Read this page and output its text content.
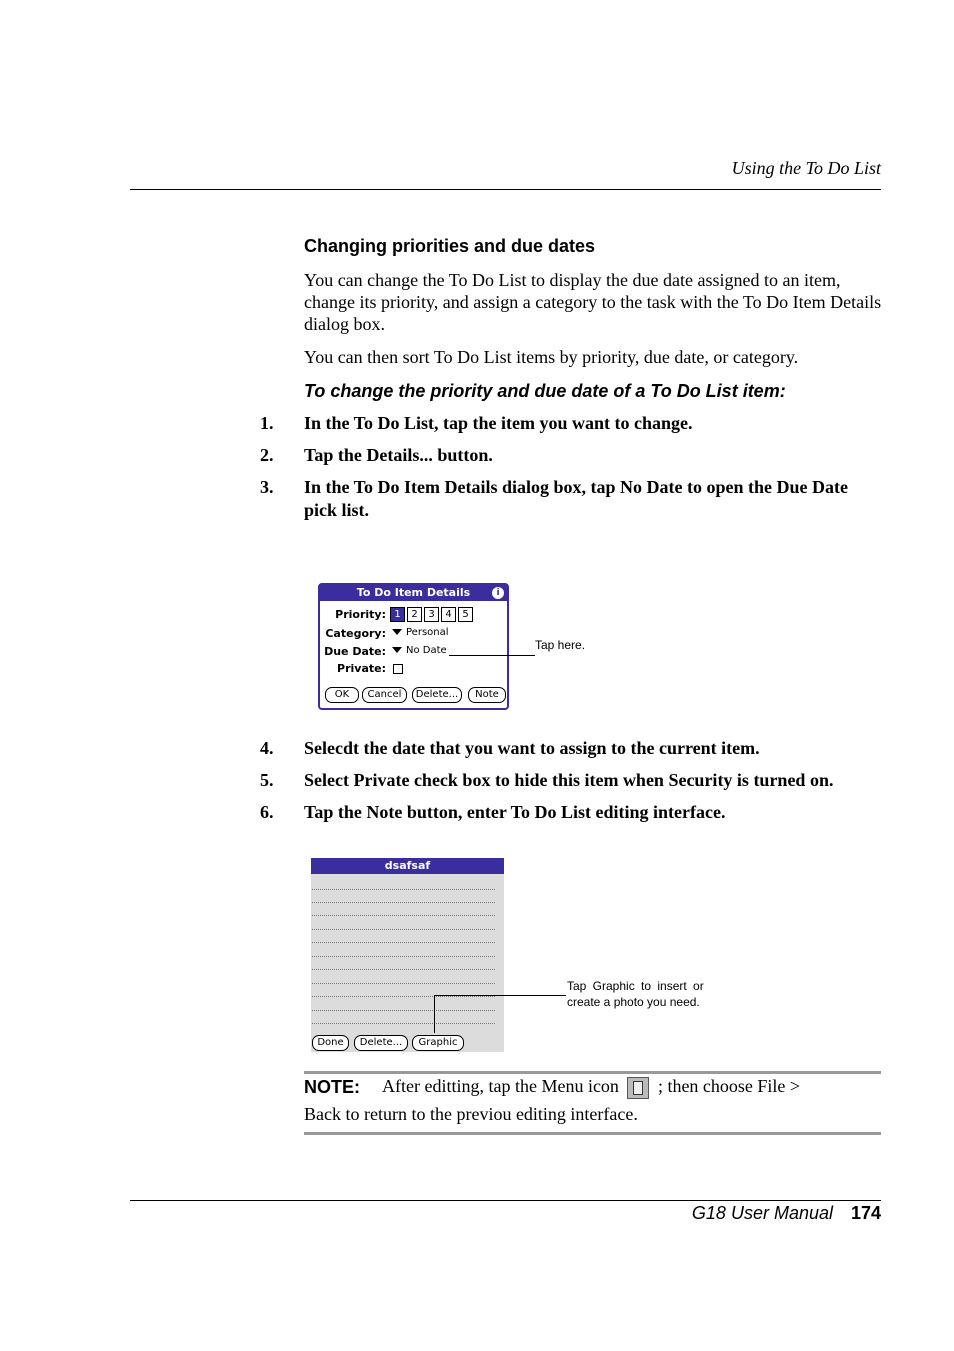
Using the To Do List
Changing priorities and due dates
You can change the To Do List to display the due date assigned to an item, change its priority, and assign a category to the task with the To Do Item Details dialog box.
You can then sort To Do List items by priority, due date, or category.
To change the priority and due date of a To Do List item:
1. In the To Do List, tap the item you want to change.
2. Tap the Details... button.
3. In the To Do Item Details dialog box, tap No Date to open the Due Date pick list.
To Do Item Details	i
Priority: 1	2	3	4	5
Category:	Personal
Due Date:	No Date
Private:
OK	Cancel	Delete...	Note
Tap here.
4. Selecdt the date that you want to assign to the current item.
5. Select Private check box to hide this item when Security is turned on.
6. Tap the Note button, enter To Do List editing interface.
dsafsaf
Done	Delete...	Graphic
Tap Graphic to insert or
create a photo you need.
NOTE: After editting, tap the Menu icon ; then choose File >
Back to return to the previou editing interface.
G18 User Manual 174
